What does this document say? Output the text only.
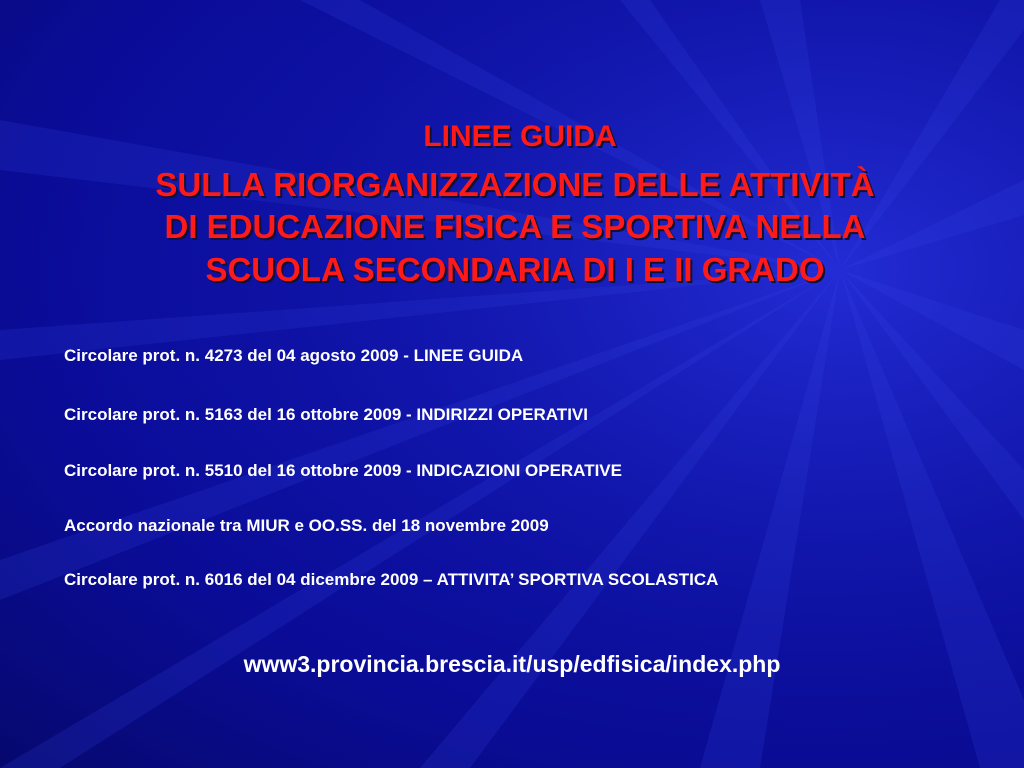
LINEE GUIDA
SULLA RIORGANIZZAZIONE DELLE ATTIVITÀ
DI EDUCAZIONE FISICA E SPORTIVA NELLA
SCUOLA SECONDARIA DI I E II GRADO
Circolare prot. n. 4273 del 04 agosto 2009 - LINEE GUIDA
Circolare prot. n. 5163 del 16 ottobre 2009 - INDIRIZZI OPERATIVI
Circolare prot. n. 5510 del 16 ottobre 2009 - INDICAZIONI OPERATIVE
Accordo nazionale tra MIUR e OO.SS. del 18 novembre 2009
Circolare prot. n. 6016 del 04 dicembre 2009 – ATTIVITA’ SPORTIVA SCOLASTICA
www3.provincia.brescia.it/usp/edfisica/index.php
